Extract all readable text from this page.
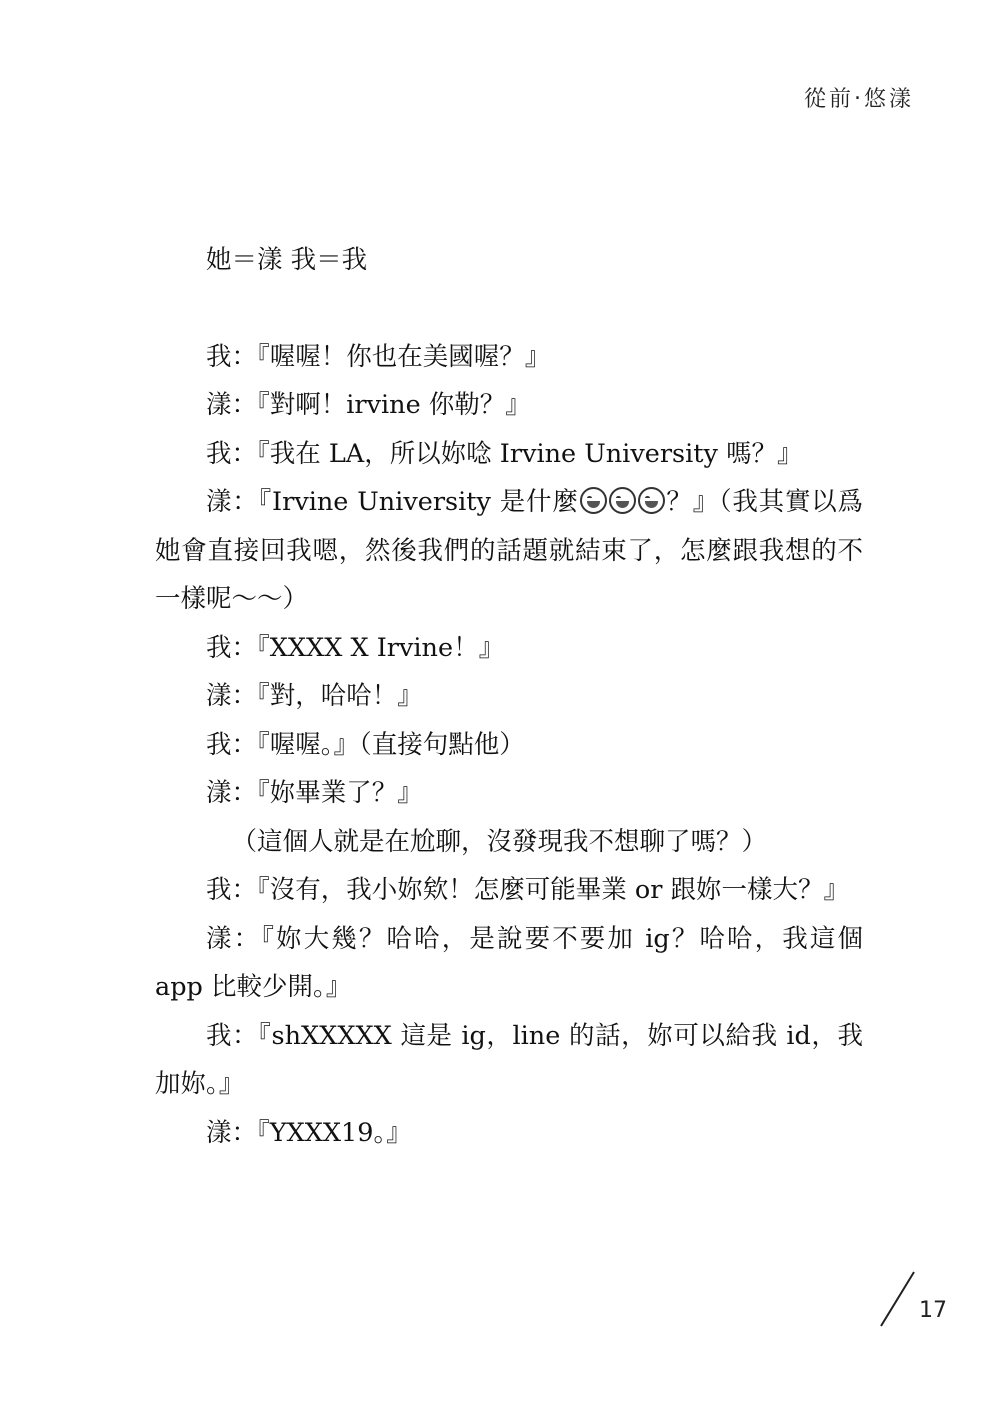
從前‧悠漾

她＝漾 我＝我

我：『喔喔！你也在美國喔？』

漾：『對啊！irvine 你勒？』

我：『我在 LA，所以妳唸 Irvine University 嗎？』

漾：『Irvine University 是什麼	？』（我其實以爲她會直接回我嗯，然後我們的話題就結束了，怎麼跟我想的不一樣呢～～）

我：『XXXX X Irvine！』

漾：『對，哈哈！』

我：『喔喔。』（直接句點他）

漾：『妳畢業了？』

（這個人就是在尬聊，沒發現我不想聊了嗎？）

我：『沒有，我小妳欸！怎麼可能畢業 or 跟妳一樣大？』

漾：『妳大幾？哈哈，是說要不要加 ig？哈哈，我這個 app 比較少開。』

我：『shXXXXX 這是 ig，line 的話，妳可以給我 id，我加妳。』

漾：『YXXX19。』

17
